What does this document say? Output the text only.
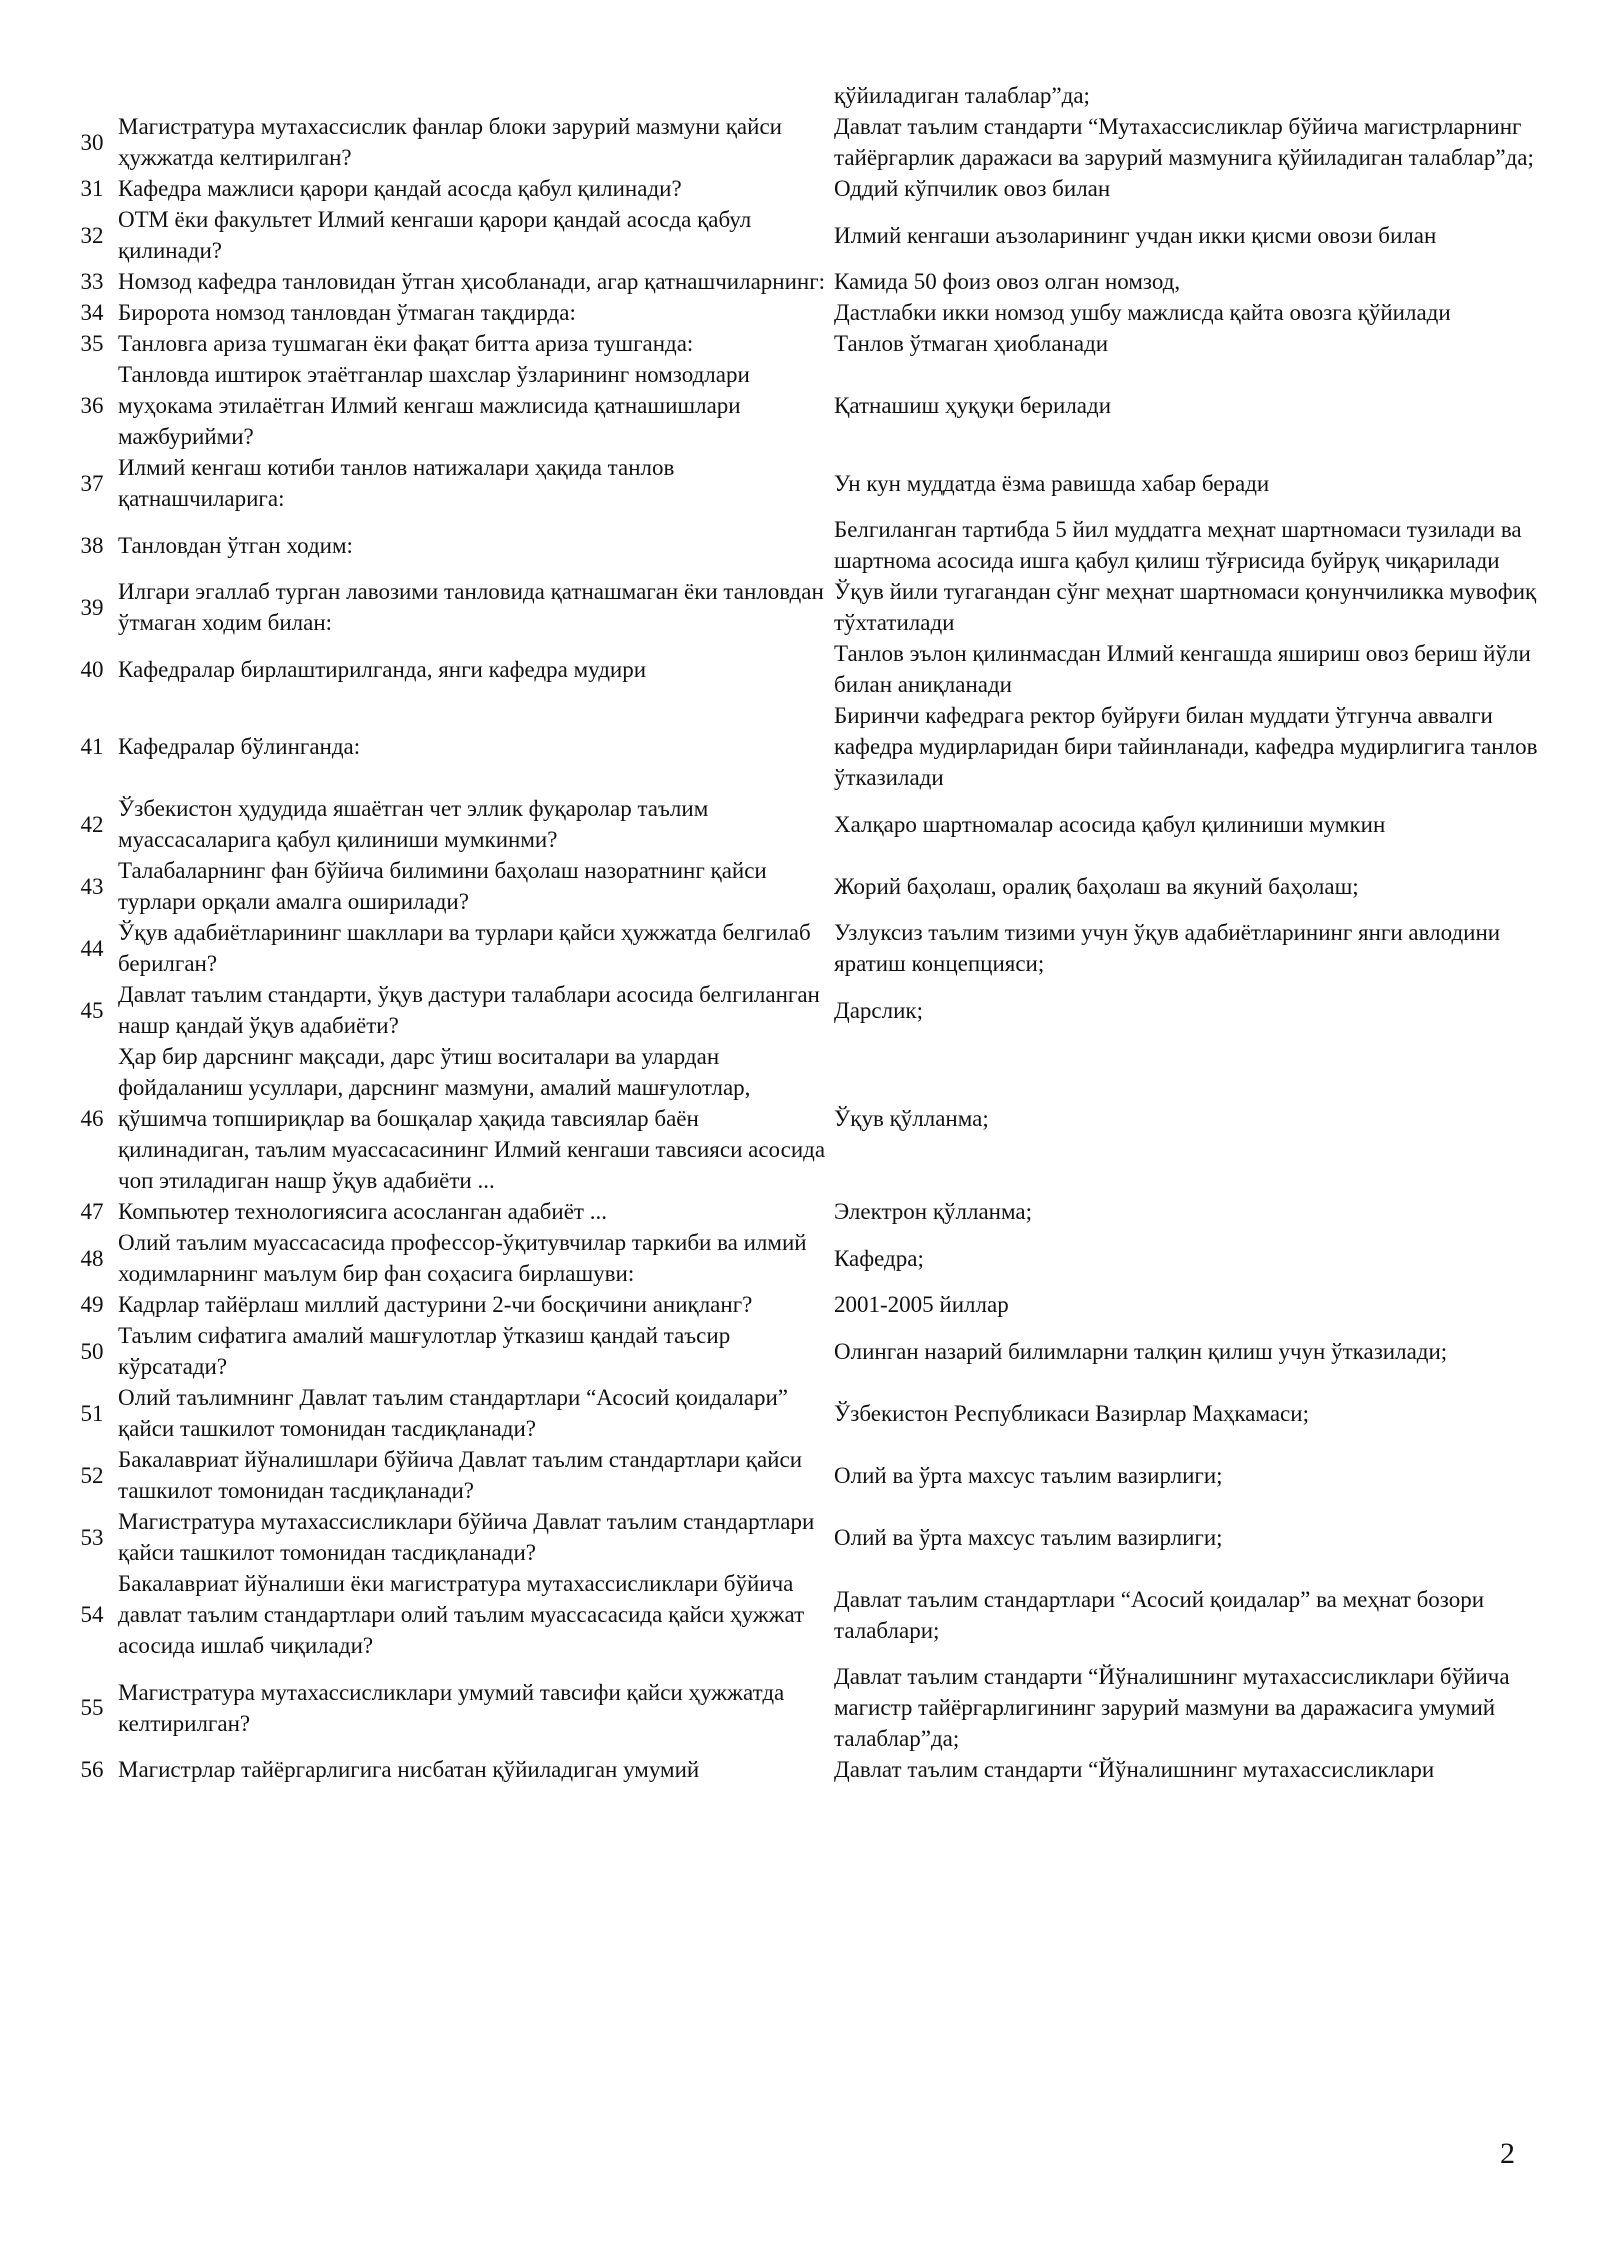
қўйиладиган талаблар”да;
30	Магистратура мутахассислик фанлар блоки зарурий мазмуни қайси ҳужжатда келтирилган?	Давлат таълим стандарти “Мутахассисликлар бўйича магистрларнинг тайёргарлик даражаси ва зарурий мазмунига қўйиладиган талаблар”да;
31	Кафедра мажлиси қарори қандай асосда қабул қилинади?	Оддий кўпчилик овоз билан
32	ОТМ ёки факультет Илмий кенгаши қарори қандай асосда қабул қилинади?	Илмий кенгаши аъзоларининг учдан икки қисми овози билан
33	Номзод кафедра танловидан ўтган ҳисобланади, агар қатнашчиларнинг:	Камида 50 фоиз овоз олган номзод,
34	Биророта номзод танловдан ўтмаган тақдирда:	Дастлабки икки номзод ушбу мажлисда қайта овозга қўйилади
35	Танловга ариза тушмаган ёки фақат битта ариза тушганда:	Танлов ўтмаган ҳиобланади
36	Танловда иштирок этаётганлар шахслар ўзларининг номзодлари муҳокама этилаётган Илмий кенгаш мажлисида қатнашишлари мажбурийми?	Қатнашиш ҳуқуқи берилади
37	Илмий кенгаш котиби танлов натижалари ҳақида танлов қатнашчиларига:	Ун кун муддатда ёзма равишда хабар беради
38	Танловдан ўтган ходим:	Белгиланган тартибда 5 йил муддатга меҳнат шартномаси тузилади ва шартнома асосида ишга қабул қилиш тўғрисида буйруқ чиқарилади
39	Илгари эгаллаб турган лавозими танловида қатнашмаган ёки танловдан ўтмаган ходим билан:	Ўқув йили тугагандан сўнг меҳнат шартномаси қонунчиликка мувофиқ тўхтатилади
40	Кафедралар бирлаштирилганда, янги кафедра мудири	Танлов эълон қилинмасдан Илмий кенгашда яшириш овоз бериш йўли билан аниқланади
41	Кафедралар бўлинганда:	Биринчи кафедрага ректор буйруғи билан муддати ўтгунча аввалги кафедра мудирларидан бири тайинланади, кафедра мудирлигига танлов ўтказилади
42	Ўзбекистон ҳудудида яшаётган чет эллик фуқаролар таълим муассасаларига қабул қилиниши мумкинми?	Халқаро шартномалар асосида қабул қилиниши мумкин
43	Талабаларнинг фан бўйича билимини баҳолаш назоратнинг қайси турлари орқали амалга оширилади?	Жорий баҳолаш, оралиқ баҳолаш ва якуний баҳолаш;
44	Ўқув адабиётларининг шакллари ва турлари қайси ҳужжатда белгилаб берилган?	Узлуксиз таълим тизими учун ўқув адабиётларининг янги авлодини яратиш концепцияси;
45	Давлат таълим стандарти, ўқув дастури талаблари асосида белгиланган нашр қандай ўқув адабиёти?	Дарслик;
46	Ҳар бир дарснинг мақсади, дарс ўтиш воситалари ва улардан фойдаланиш усуллари, дарснинг мазмуни, амалий машғулотлар, қўшимча топшириқлар ва бошқалар ҳақида тавсиялар баён қилинадиган, таълим муассасасининг Илмий кенгаши тавсияси асосида чоп этиладиган нашр ўқув адабиёти ...	Ўқув қўлланма;
47	Компьютер технологиясига асосланган адабиёт ...	Электрон қўлланма;
48	Олий таълим муассасасида профессор-ўқитувчилар таркиби ва илмий ходимларнинг маълум бир фан соҳасига бирлашуви:	Кафедра;
49	Кадрлар тайёрлаш миллий дастурини 2-чи босқичини аниқланг?	2001-2005 йиллар
50	Таълим сифатига амалий машғулотлар ўтказиш қандай таъсир кўрсатади?	Олинган назарий билимларни талқин қилиш учун ўтказилади;
51	Олий таълимнинг Давлат таълим стандартлари “Асосий қоидалари” қайси ташкилот томонидан тасдиқланади?	Ўзбекистон Республикаси Вазирлар Маҳкамаси;
52	Бакалавриат йўналишлари бўйича Давлат таълим стандартлари қайси ташкилот томонидан тасдиқланади?	Олий ва ўрта махсус таълим вазирлиги;
53	Магистратура мутахассисликлари бўйича Давлат таълим стандартлари қайси ташкилот томонидан тасдиқланади?	Олий ва ўрта махсус таълим вазирлиги;
54	Бакалавриат йўналиши ёки магистратура мутахассисликлари бўйича давлат таълим стандартлари олий таълим муассасасида қайси ҳужжат асосида ишлаб чиқилади?	Давлат таълим стандартлари “Асосий қоидалар” ва меҳнат бозори талаблари;
55	Магистратура мутахассисликлари умумий тавсифи қайси ҳужжатда келтирилган?	Давлат таълим стандарти “Йўналишнинг мутахассисликлари бўйича магистр тайёргарлигининг зарурий мазмуни ва даражасига умумий талаблар”да;
56	Магистрлар тайёргарлигига нисбатан қўйиладиган умумий	Давлат таълим стандарти “Йўналишнинг мутахассисликлари
2
